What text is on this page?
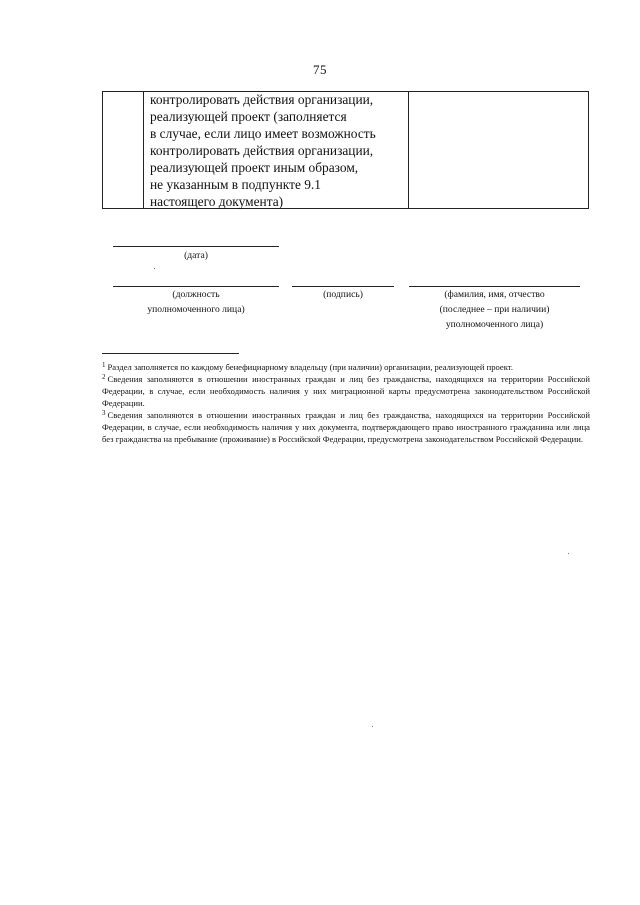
75
контролировать действия организации,
реализующей проект (заполняется
в случае, если лицо имеет возможность
контролировать действия организации,
реализующей проект иным образом,
не указанным в подпункте 9.1
настоящего документа)
(дата)
(должность
уполномоченного лица)
(подпись)	(фамилия, имя, отчество
(последнее – при наличии)
уполномоченного лица)

$^1$ Раздел заполняется по каждому бенефициарному владельцу (при наличии) организации, реализующей проект.

$^2$ Сведения заполняются в отношении иностранных граждан и лиц без гражданства, находящихся на территории Российской Федерации, в случае, если необходимость наличия у них миграционной карты предусмотрена законодательством Российской Федерации.

$^3$ Сведения заполняются в отношении иностранных граждан и лиц без гражданства, находящихся на территории Российской Федерации, в случае, если необходимость наличия у них документа, подтверждающего право иностранного гражданина или лица без гражданства на пребывание (проживание) в Российской Федерации, предусмотрена законодательством Российской Федерации.
